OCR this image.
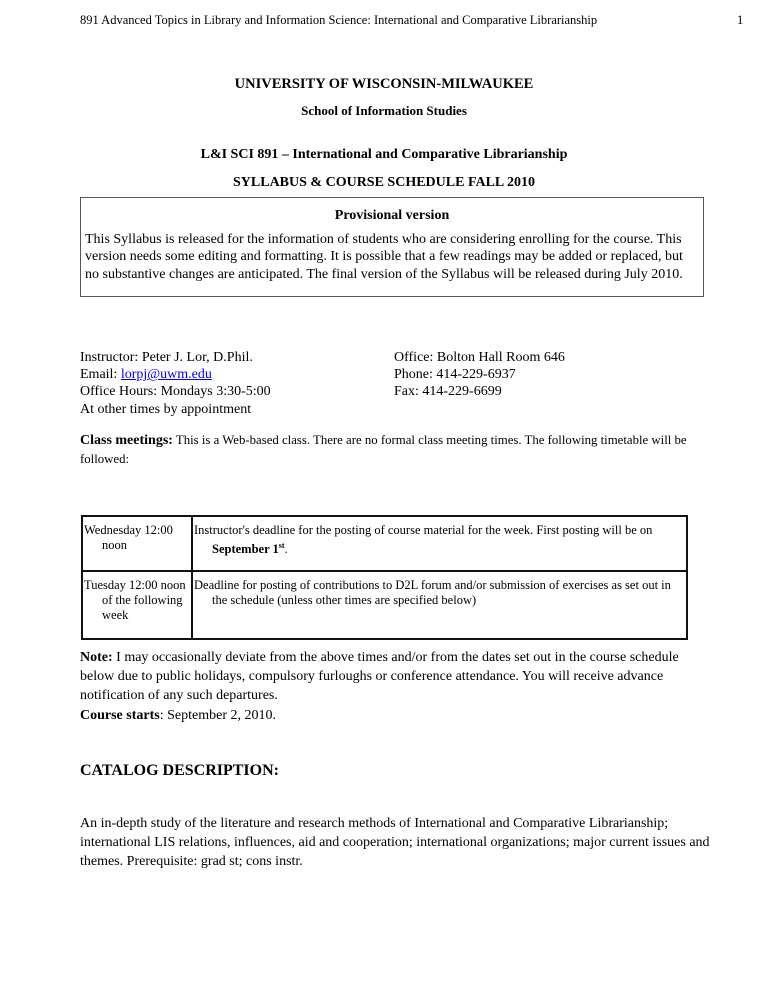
891 Advanced Topics in Library and Information Science: International and Comparative Librarianship	1
UNIVERSITY OF WISCONSIN-MILWAUKEE
School of Information Studies
L&I SCI 891 – International and Comparative Librarianship
SYLLABUS & COURSE SCHEDULE FALL 2010
Provisional version
This Syllabus is released for the information of students who are considering enrolling for the course. This version needs some editing and formatting. It is possible that a few readings may be added or replaced, but no substantive changes are anticipated. The final version of the Syllabus will be released during July 2010.
Instructor: Peter J. Lor, D.Phil.
Email: lorpj@uwm.edu
Office Hours: Mondays 3:30-5:00
At other times by appointment
Office: Bolton Hall Room 646
Phone: 414-229-6937
Fax: 414-229-6699
Class meetings: This is a Web-based class. There are no formal class meeting times. The following timetable will be followed:
Wednesday 12:00 noon	Instructor's deadline for the posting of course material for the week. First posting will be on September 1st.

Tuesday 12:00 noon of the following week	Deadline for posting of contributions to D2L forum and/or submission of exercises as set out in the schedule (unless other times are specified below)
Note: I may occasionally deviate from the above times and/or from the dates set out in the course schedule below due to public holidays, compulsory furloughs or conference attendance. You will receive advance notification of any such departures.
Course starts: September 2, 2010.
CATALOG DESCRIPTION:
An in-depth study of the literature and research methods of International and Comparative Librarianship; international LIS relations, influences, aid and cooperation; international organizations; major current issues and themes. Prerequisite: grad st; cons instr.
